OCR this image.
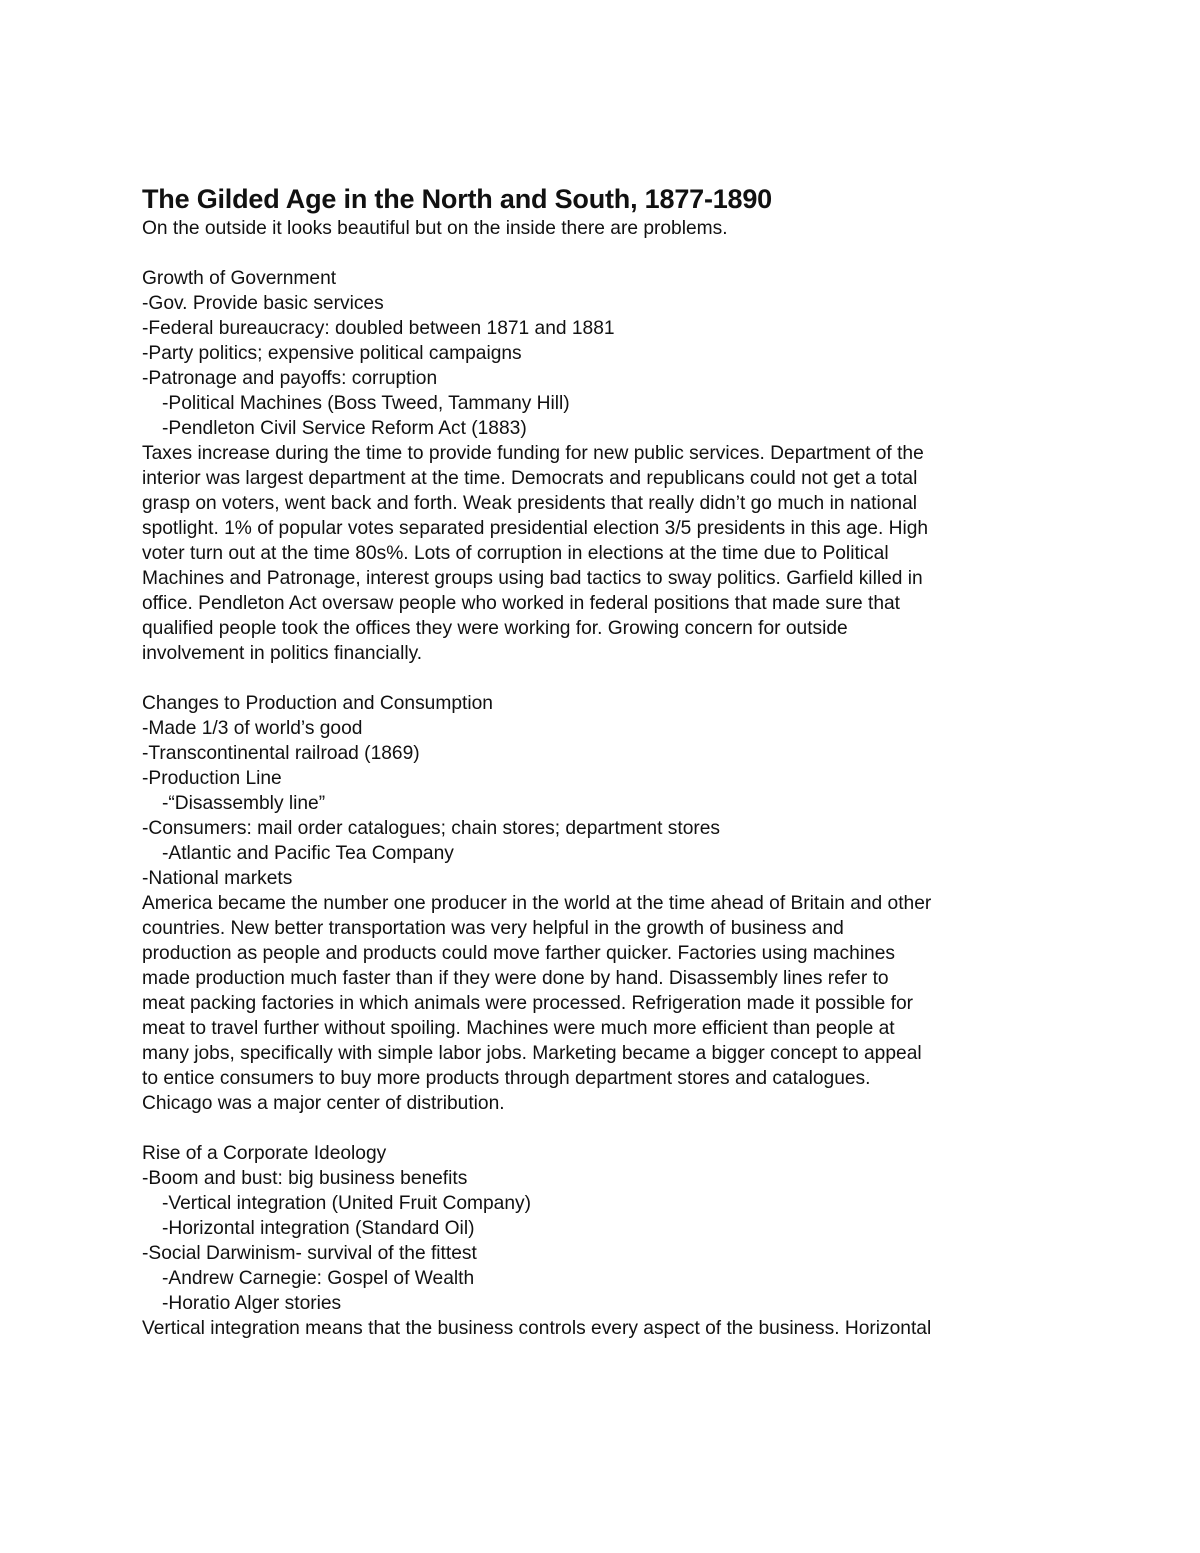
The Gilded Age in the North and South, 1877-1890

On the outside it looks beautiful but on the inside there are problems.

Growth of Government

-Gov. Provide basic services

-Federal bureaucracy: doubled between 1871 and 1881

-Party politics; expensive political campaigns

-Patronage and payoffs: corruption

-Political Machines (Boss Tweed, Tammany Hill)

-Pendleton Civil Service Reform Act (1883)

Taxes increase during the time to provide funding for new public services. Department of the
interior was largest department at the time. Democrats and republicans could not get a total
grasp on voters, went back and forth. Weak presidents that really didn’t go much in national
spotlight. 1% of popular votes separated presidential election 3/5 presidents in this age. High
voter turn out at the time 80s%. Lots of corruption in elections at the time due to Political
Machines and Patronage, interest groups using bad tactics to sway politics. Garfield killed in
office. Pendleton Act oversaw people who worked in federal positions that made sure that
qualified people took the offices they were working for. Growing concern for outside
involvement in politics financially.

Changes to Production and Consumption

-Made 1/3 of world’s good

-Transcontinental railroad (1869)

-Production Line

-“Disassembly line”

-Consumers: mail order catalogues; chain stores; department stores

-Atlantic and Pacific Tea Company

-National markets

America became the number one producer in the world at the time ahead of Britain and other
countries. New better transportation was very helpful in the growth of business and
production as people and products could move farther quicker. Factories using machines
made production much faster than if they were done by hand. Disassembly lines refer to
meat packing factories in which animals were processed. Refrigeration made it possible for
meat to travel further without spoiling. Machines were much more efficient than people at
many jobs, specifically with simple labor jobs. Marketing became a bigger concept to appeal
to entice consumers to buy more products through department stores and catalogues.
Chicago was a major center of distribution.

Rise of a Corporate Ideology

-Boom and bust: big business benefits

-Vertical integration (United Fruit Company)

-Horizontal integration (Standard Oil)

-Social Darwinism- survival of the fittest

-Andrew Carnegie: Gospel of Wealth

-Horatio Alger stories

Vertical integration means that the business controls every aspect of the business. Horizontal
